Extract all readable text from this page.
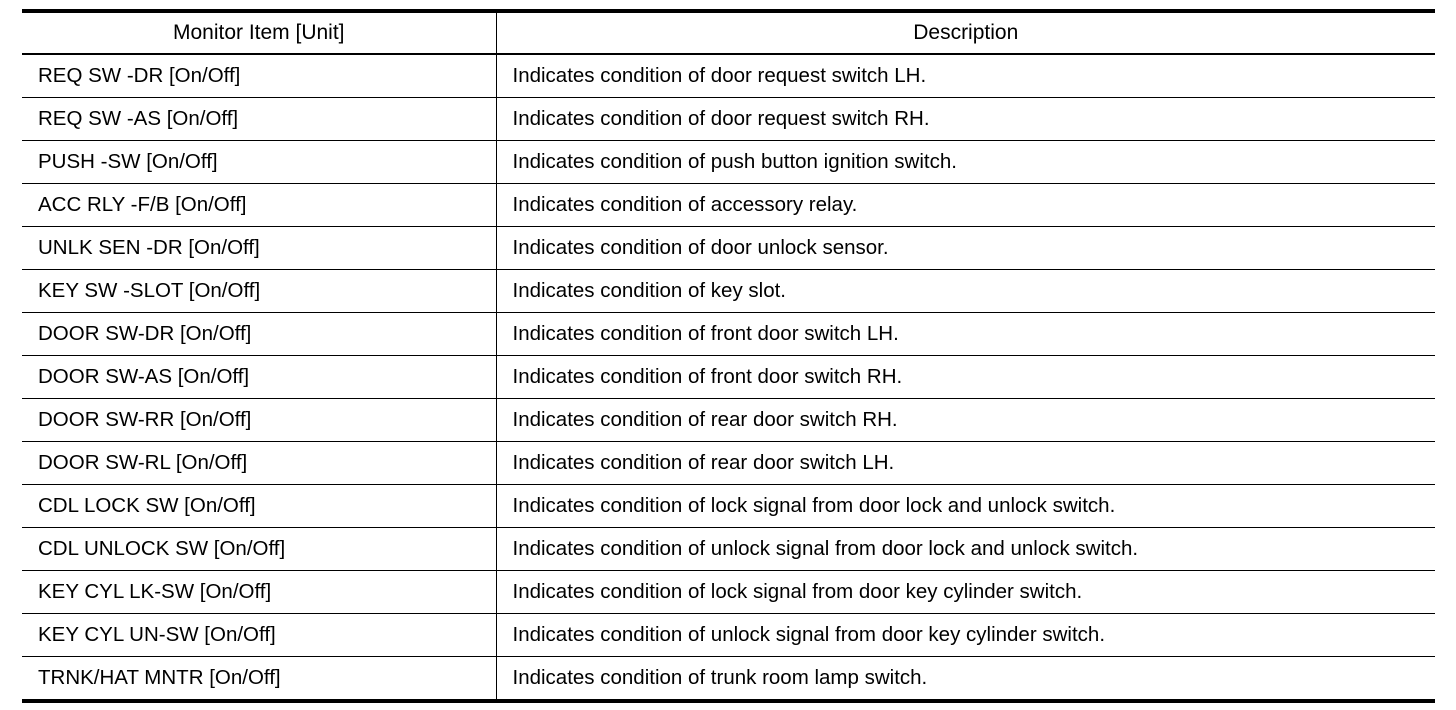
Monitor Item [Unit]	Description
REQ SW -DR [On/Off]	Indicates condition of door request switch LH.
REQ SW -AS [On/Off]	Indicates condition of door request switch RH.
PUSH -SW [On/Off]	Indicates condition of push button ignition switch.
ACC RLY -F/B [On/Off]	Indicates condition of accessory relay.
UNLK SEN -DR [On/Off]	Indicates condition of door unlock sensor.
KEY SW -SLOT [On/Off]	Indicates condition of key slot.
DOOR SW-DR [On/Off]	Indicates condition of front door switch LH.
DOOR SW-AS [On/Off]	Indicates condition of front door switch RH.
DOOR SW-RR [On/Off]	Indicates condition of rear door switch RH.
DOOR SW-RL [On/Off]	Indicates condition of rear door switch LH.
CDL LOCK SW [On/Off]	Indicates condition of lock signal from door lock and unlock switch.
CDL UNLOCK SW [On/Off]	Indicates condition of unlock signal from door lock and unlock switch.
KEY CYL LK-SW [On/Off]	Indicates condition of lock signal from door key cylinder switch.
KEY CYL UN-SW [On/Off]	Indicates condition of unlock signal from door key cylinder switch.
TRNK/HAT MNTR [On/Off]	Indicates condition of trunk room lamp switch.
